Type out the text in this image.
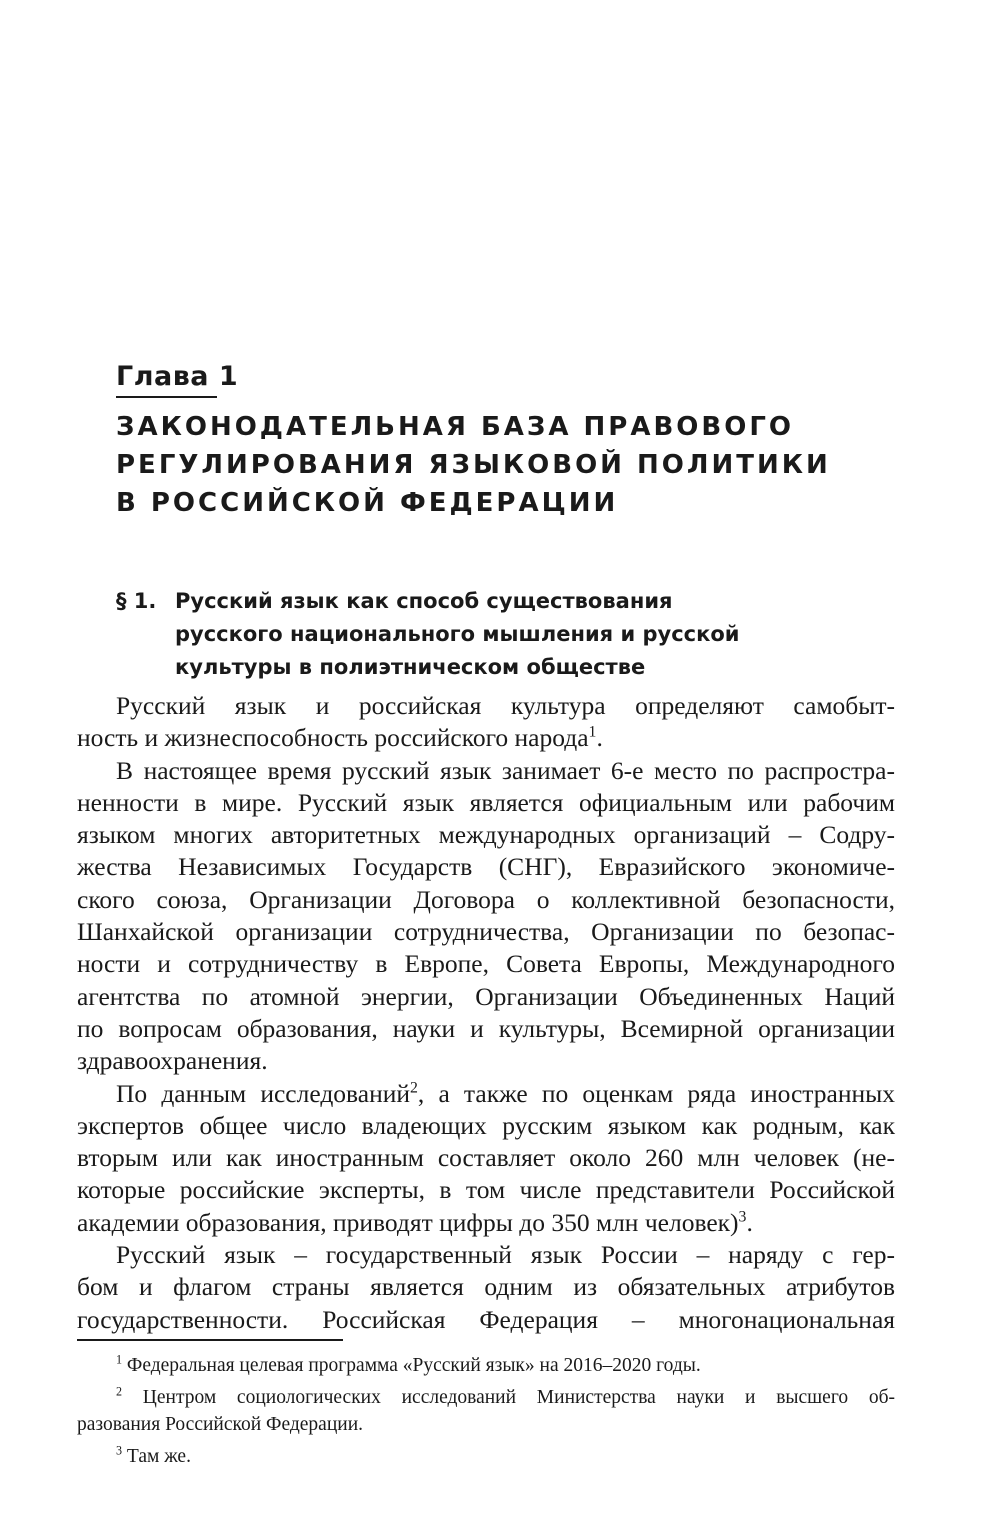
Глава 1
ЗАКОНОДАТЕЛЬНАЯ БАЗА ПРАВОВОГО
РЕГУЛИРОВАНИЯ ЯЗЫКОВОЙ ПОЛИТИКИ
В РОССИЙСКОЙ ФЕДЕРАЦИИ
§ 1. Русский язык как способ существования
русского национального мышления и русской
культуры в полиэтническом обществе
Русский язык и российская культура определяют самобыт-
ность и жизнеспособность российского народа$^1$.
В настоящее время русский язык занимает 6-е место по распростра-
ненности в мире. Русский язык является официальным или рабочим
языком многих авторитетных международных организаций – Содру-
жества Независимых Государств (СНГ), Евразийского экономиче-
ского союза, Организации Договора о коллективной безопасности,
Шанхайской организации сотрудничества, Организации по безопас-
ности и сотрудничеству в Европе, Совета Европы, Международного
агентства по атомной энергии, Организации Объединенных Наций
по вопросам образования, науки и культуры, Всемирной организации
здравоохранения.
По данным исследований$^2$, а также по оценкам ряда иностранных
экспертов общее число владеющих русским языком как родным, как
вторым или как иностранным составляет около 260 млн человек (не-
которые российские эксперты, в том числе представители Российской
академии образования, приводят цифры до 350 млн человек)$^3$.
Русский язык – государственный язык России – наряду с гер-
бом и флагом страны является одним из обязательных атрибутов
государственности. Российская Федерация – многонациональная
$^1$ Федеральная целевая программа «Русский язык» на 2016–2020 годы.
$^2$ Центром социологических исследований Министерства науки и высшего об-
разования Российской Федерации.
$^3$ Там же.
